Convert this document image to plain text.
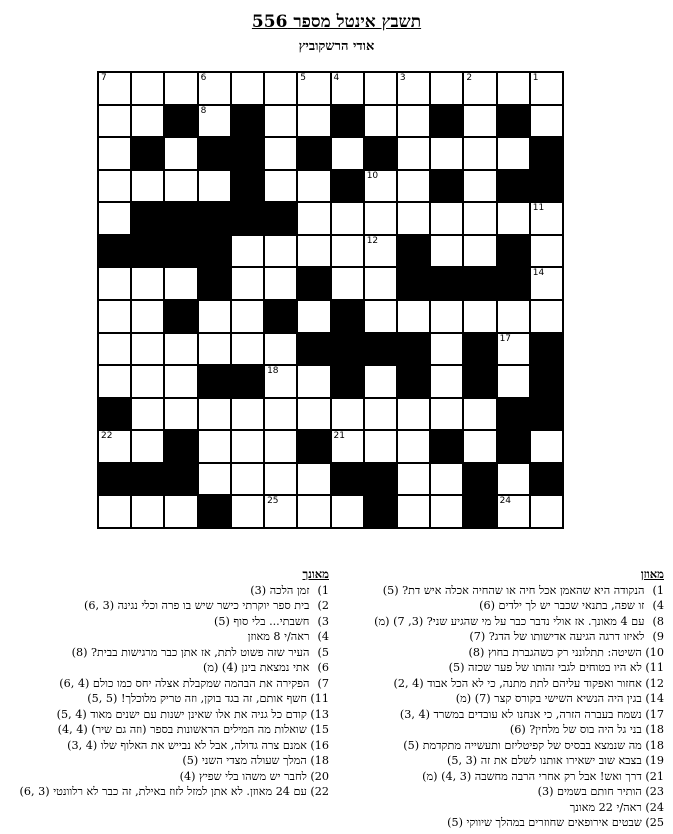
תשבץ אינטל מספר 556
אודי הרשקוביץ
1
2
3
4
5
6
7
8
10
11
12
14
17
18
21
22
24
25
מאוזן
1) הנקודה היא שהאמן אכל חיה או שהחיה אכלה איש דת? (5)
4) זו שפה, בתנאי שכבר יש לך ילדים (6)
8) עם 4 מאונך. אז אולי נדבר כבר על מי שהגיע שני? (3, 7) (מ)
9) לאיזו דרגה הגיעה אדישותו של הדג? (7)
10) השיטה: תתלונני רק כשהגברת בחוץ (8)
11) לא היו בטוחים לגבי זהותו של פער שכזה (5)
12) אחזור ואפקוד עליהם לתת מתנה, כי לא הכל אבוד (4 ,2)
14) בגין היה הנשיא השישי בקורס קצר (7) (מ)
17) נשמח בעברה הזרה, כי אנחנו לא עובדים במשרד (4 ,3)
18) בני גל היה בוס של מלחין? (6)
18) מה שנמצא בבסיס של קפיטליזם ותעשייה מתקדמת (5)
19) בצבא שוב ישאירו אותנו לשלם את זה (3 ,5)
21) דרך ואש! אבל רק אחרי הרבה מחשבה (3 ,4) (מ)
23) הותיר חותם בשמים (3)
24) ראה/י 22 מאונך
25) שבטים אירופאים שחוזרים במהלך שיווקי (5)
מאונך
1) זמן הלכה (3)
2) בית ספר יוקרתי כישר שיש בו פרה וכלי נגינה (3 ,6)
3) חשבתי... בלי סוף (5)
4) ראה/י 8 מאוזן
5) העיר שזה פשוט לתת, אז אתן כבר מרגישות בבית? (8)
6) אתי נמצאת בינן (4) (מ)
7) הפקירה את הבהמה שמקבלת אצלה יחס כמו כולם (4 ,6)
11) חשף אותם, זה בגד בוקן, וזה טריק מלוכלך! (5 ,5)
13) קודם כל גניה את אלו שאינן ישנות עם ישנים מאוד (4 ,5)
15) שואלות מה המילים הראשונות בספר (וזה גם שיר) (4 ,4)
16) אמנם צרה גדולה, אבל לא נבייש את האלוף שלו (4 ,3)
18) המלך שעולה מצדי השני (5)
20) לחבר יש משהו בלי שפיץ (4)
22) עם 24 מאוזן. לא אתן למזל לזוז באילת, זה כבר לא רלוונטי (3 ,6)
